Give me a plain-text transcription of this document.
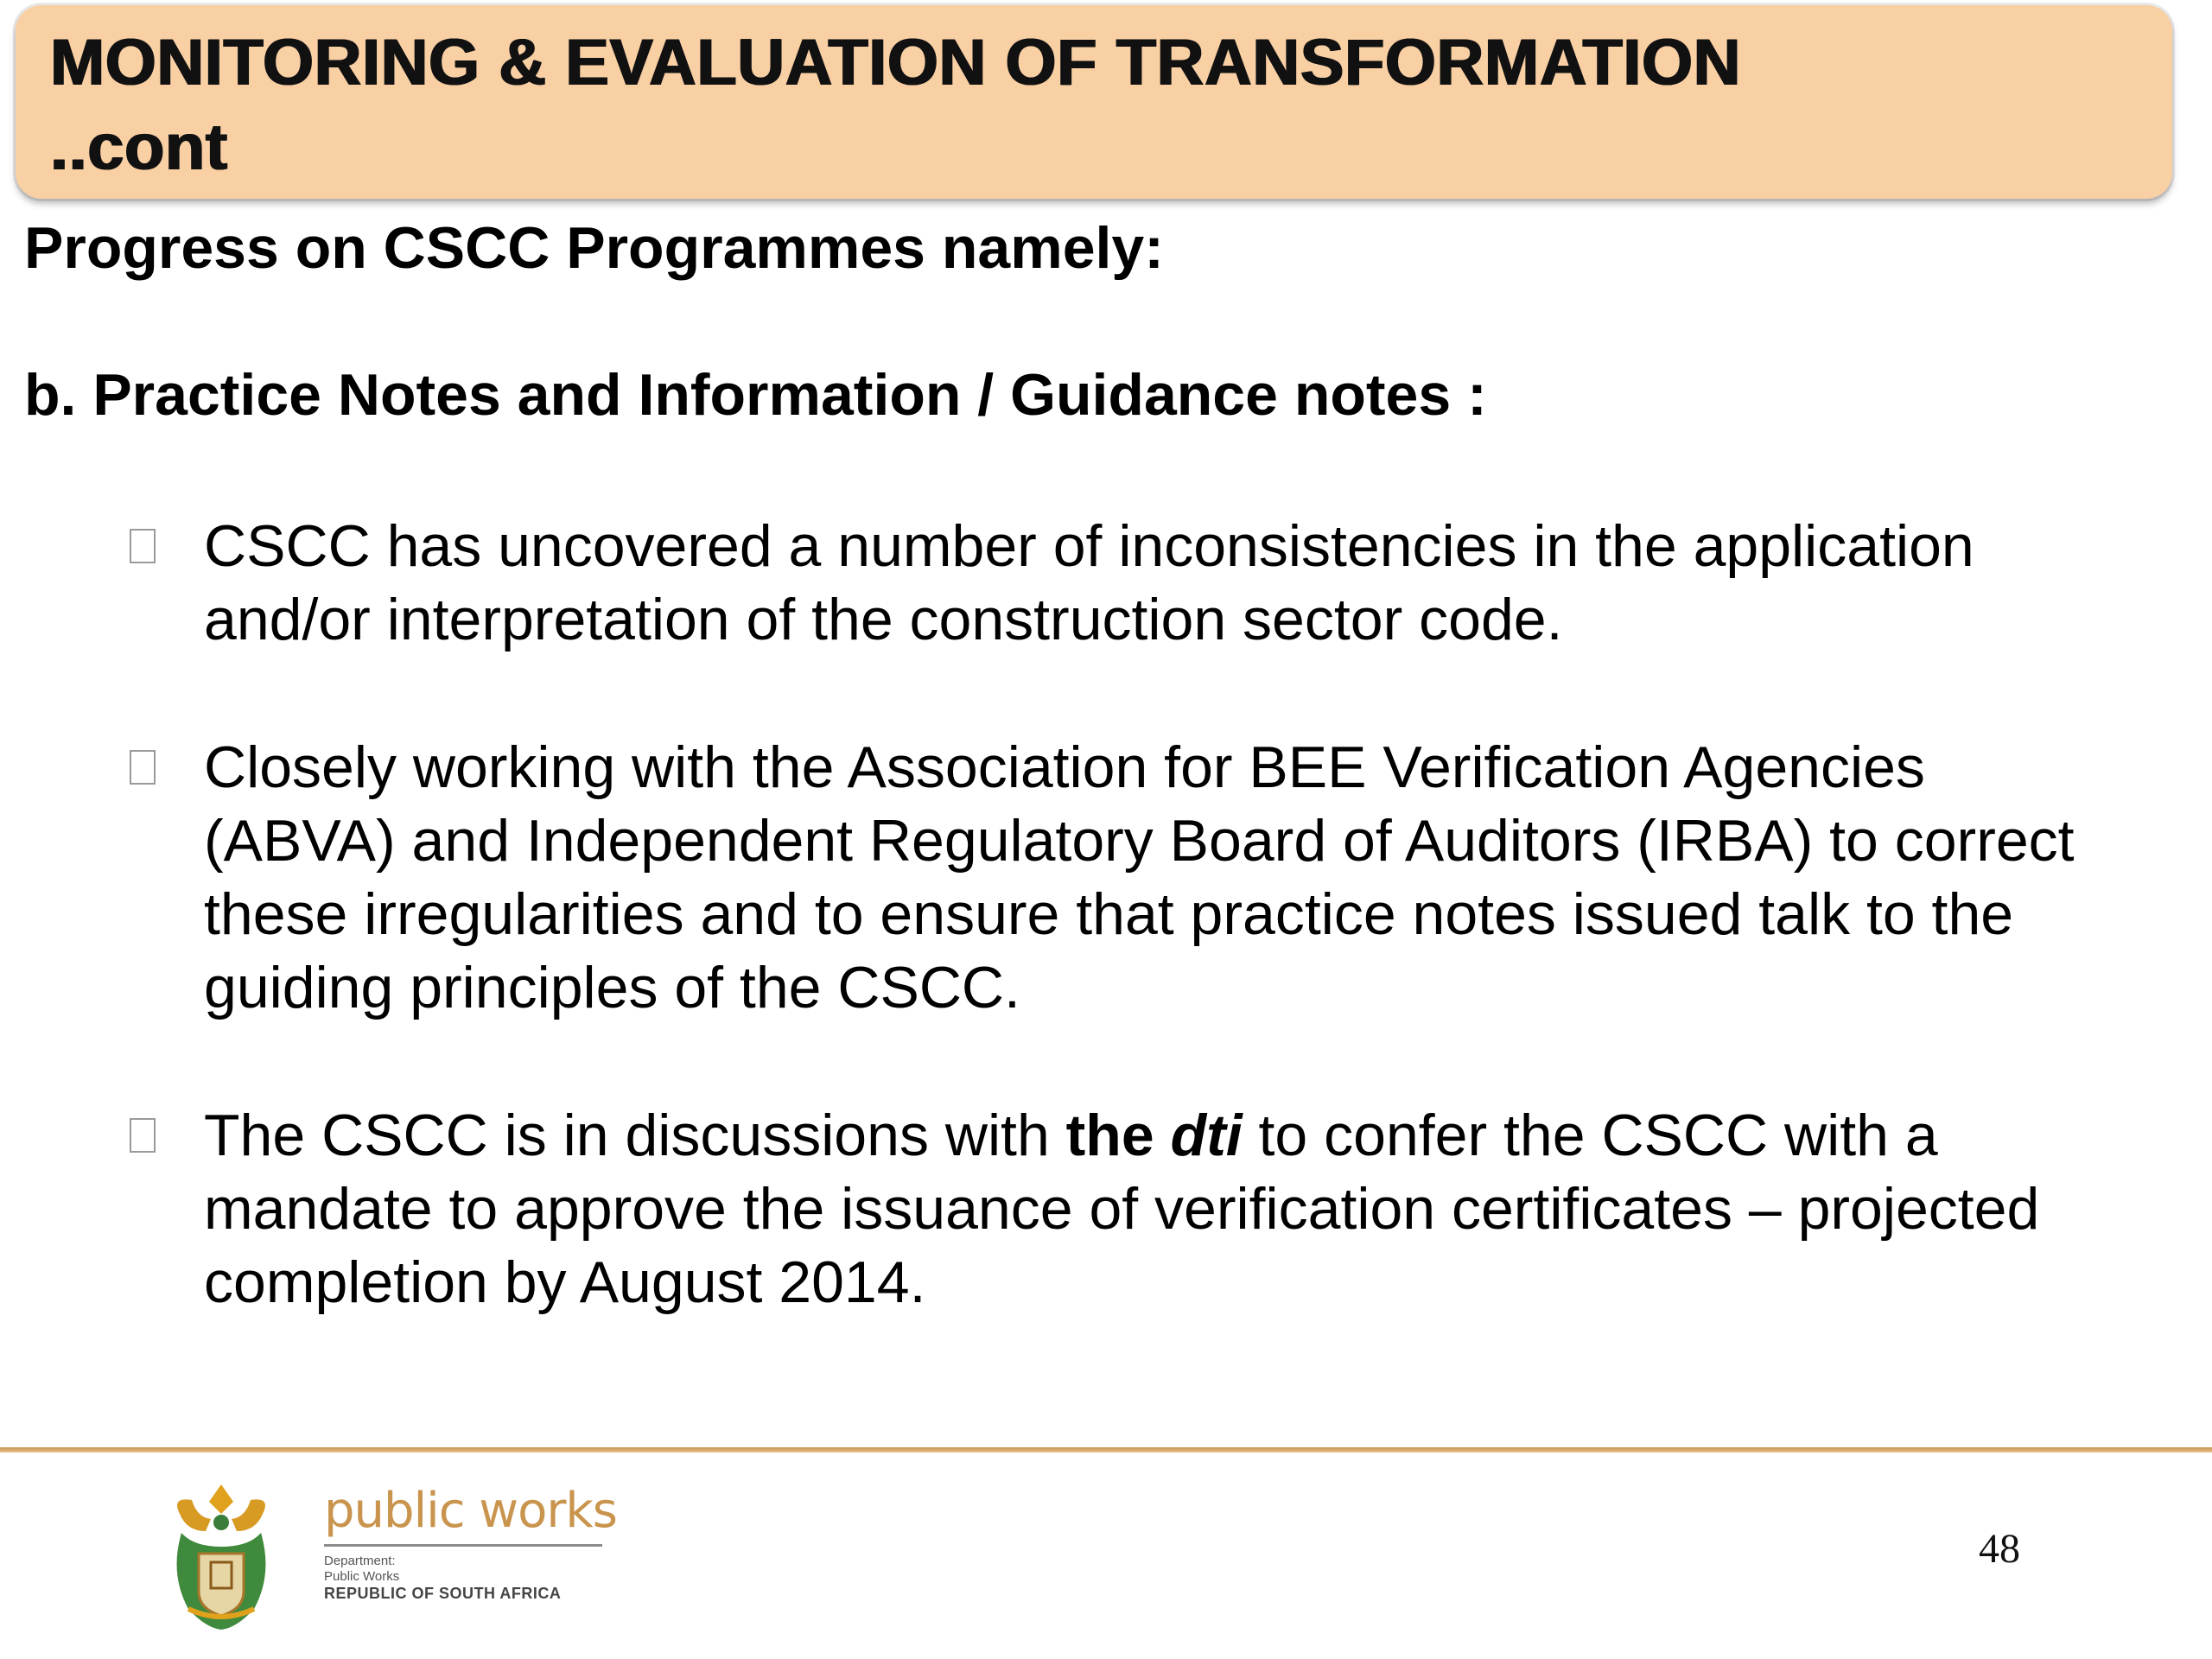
MONITORING & EVALUATION OF TRANSFORMATION
..cont
Progress on CSCC Programmes namely:
b. Practice Notes and Information / Guidance notes :
CSCC has uncovered a number of inconsistencies in the application and/or interpretation of the construction sector code.
Closely working with the Association for BEE Verification Agencies (ABVA) and Independent Regulatory Board of Auditors (IRBA) to correct these irregularities and to ensure that practice notes issued talk to the guiding principles of the CSCC.
The CSCC is in discussions with the dti to confer the CSCC with a mandate to approve the issuance of verification certificates – projected completion by August 2014.
public works
Department:
Public Works
REPUBLIC OF SOUTH AFRICA
48
